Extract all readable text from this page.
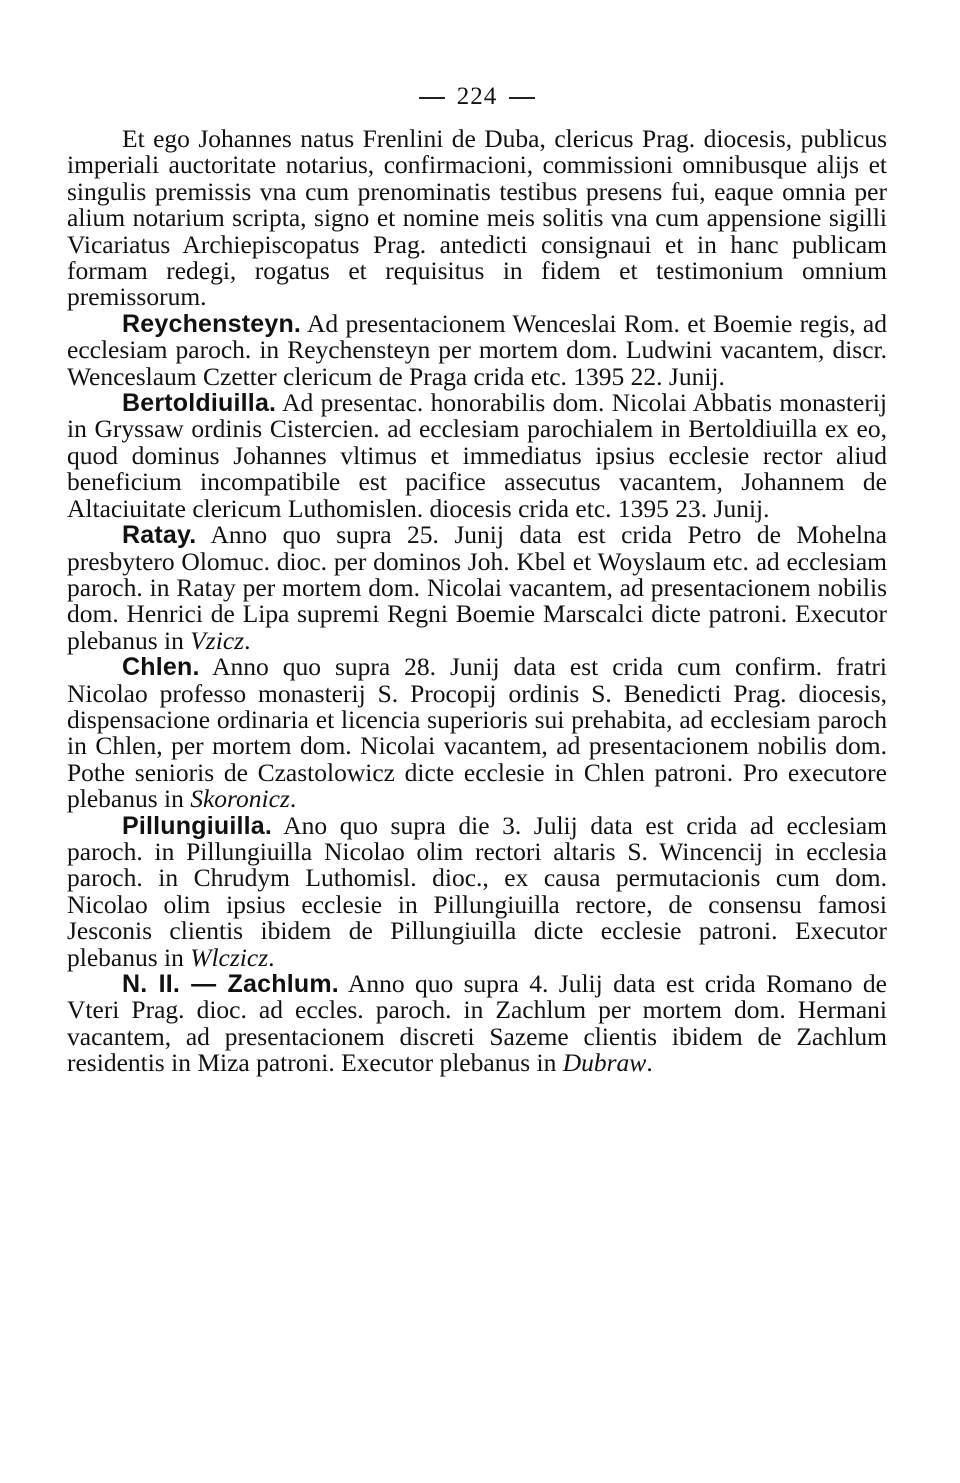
224

Et ego Johannes natus Frenlini de Duba, clericus Prag. diocesis, publicus imperiali auctoritate notarius, confirmacioni, commissioni omnibusque alijs et singulis premissis vna cum prenominatis testibus presens fui, eaque omnia per alium notarium scripta, signo et nomine meis solitis vna cum appensione sigilli Vicariatus Archiepiscopatus Prag. antedicti consignaui et in hanc publicam formam redegi, rogatus et requisitus in fidem et testimonium omnium premissorum.

Reychensteyn. Ad presentacionem Wenceslai Rom. et Boemie regis, ad ecclesiam paroch. in Reychensteyn per mortem dom. Ludwini vacantem, discr. Wenceslaum Czetter clericum de Praga crida etc. 1395 22. Junij.

Bertoldiuilla. Ad presentac. honorabilis dom. Nicolai Abbatis monasterij in Gryssaw ordinis Cistercien. ad ecclesiam parochialem in Bertoldiuilla ex eo, quod dominus Johannes vltimus et immediatus ipsius ecclesie rector aliud beneficium incompatibile est pacifice assecutus vacantem, Johannem de Altaciuitate clericum Luthomislen. diocesis crida etc. 1395 23. Junij.

Ratay. Anno quo supra 25. Junij data est crida Petro de Mohelna presbytero Olomuc. dioc. per dominos Joh. Kbel et Woyslaum etc. ad ecclesiam paroch. in Ratay per mortem dom. Nicolai vacantem, ad presentacionem nobilis dom. Henrici de Lipa supremi Regni Boemie Marscalci dicte patroni. Executor plebanus in Vzicz.

Chlen. Anno quo supra 28. Junij data est crida cum confirm. fratri Nicolao professo monasterij S. Procopij ordinis S. Benedicti Prag. diocesis, dispensacione ordinaria et licencia superioris sui prehabita, ad ecclesiam paroch in Chlen, per mortem dom. Nicolai vacantem, ad presentacionem nobilis dom. Pothe senioris de Czastolowicz dicte ecclesie in Chlen patroni. Pro executore plebanus in Skoronicz.

Pillungiuilla. Ano quo supra die 3. Julij data est crida ad ecclesiam paroch. in Pillungiuilla Nicolao olim rectori altaris S. Wincencij in ecclesia paroch. in Chrudym Luthomisl. dioc., ex causa permutacionis cum dom. Nicolao olim ipsius ecclesie in Pillungiuilla rectore, de consensu famosi Jesconis clientis ibidem de Pillungiuilla dicte ecclesie patroni. Executor plebanus in Wlczicz.

N. II. — Zachlum. Anno quo supra 4. Julij data est crida Romano de Vteri Prag. dioc. ad eccles. paroch. in Zachlum per mortem dom. Hermani vacantem, ad presentacionem discreti Sazeme clientis ibidem de Zachlum residentis in Miza patroni. Executor plebanus in Dubraw.
